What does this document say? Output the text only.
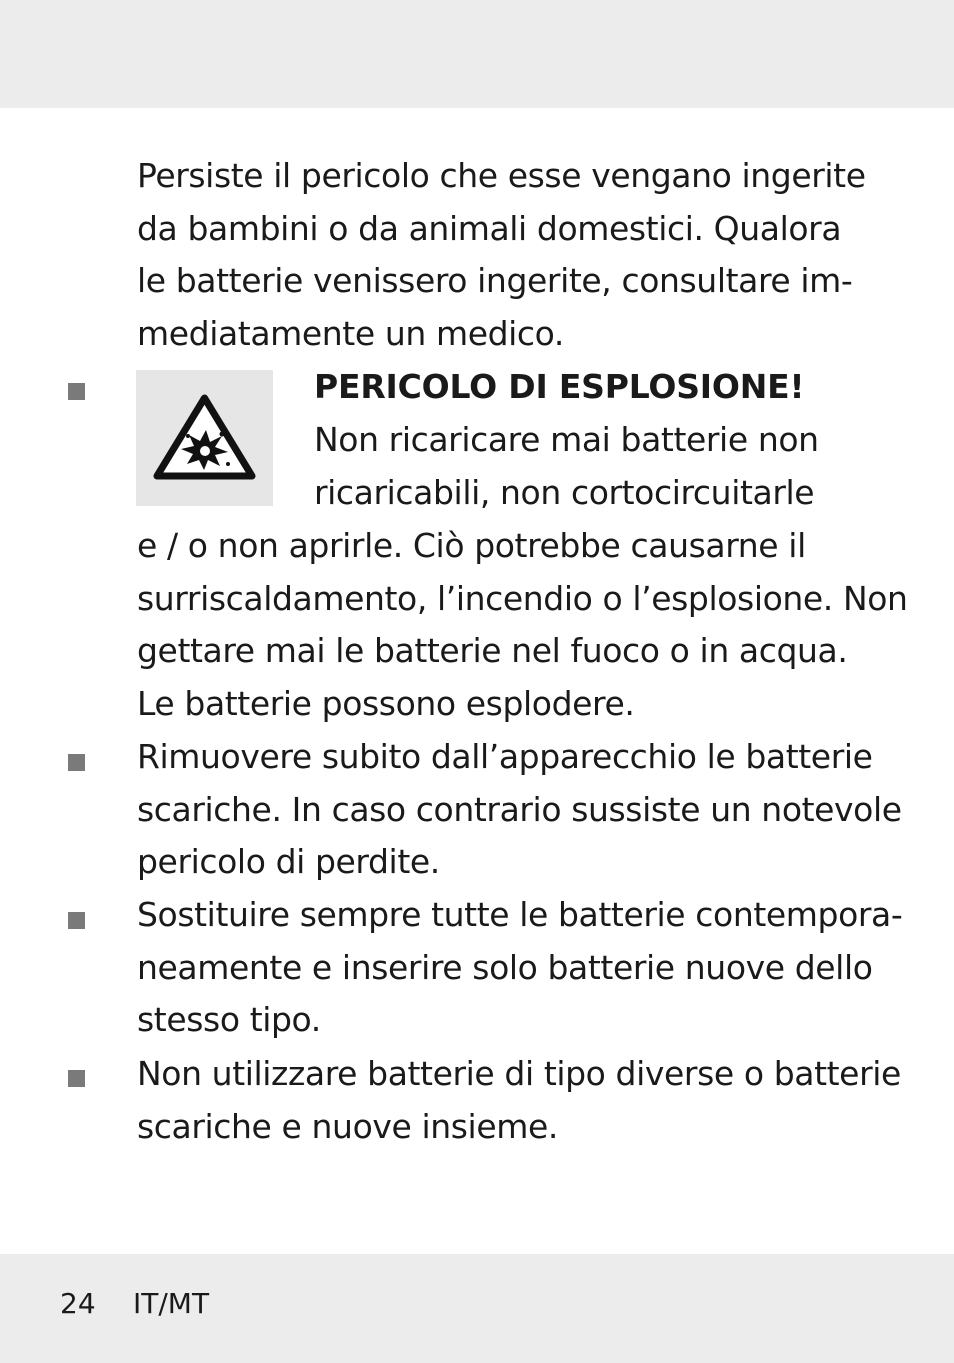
Persiste il pericolo che esse vengano ingerite
da bambini o da animali domestici. Qualora
le batterie venissero ingerite, consultare im-
mediatamente un medico.
PERICOLO DI ESPLOSIONE!
Non ricaricare mai batterie non
ricaricabili, non cortocircuitarle
e / o non aprirle. Ciò potrebbe causarne il
surriscaldamento, l’incendio o l’esplosione. Non
gettare mai le batterie nel fuoco o in acqua.
Le batterie possono esplodere.
Rimuovere subito dall’apparecchio le batterie
scariche. In caso contrario sussiste un notevole
pericolo di perdite.
Sostituire sempre tutte le batterie contempora-
neamente e inserire solo batterie nuove dello
stesso tipo.
Non utilizzare batterie di tipo diverse o batterie
scariche e nuove insieme.
24 IT/MT
